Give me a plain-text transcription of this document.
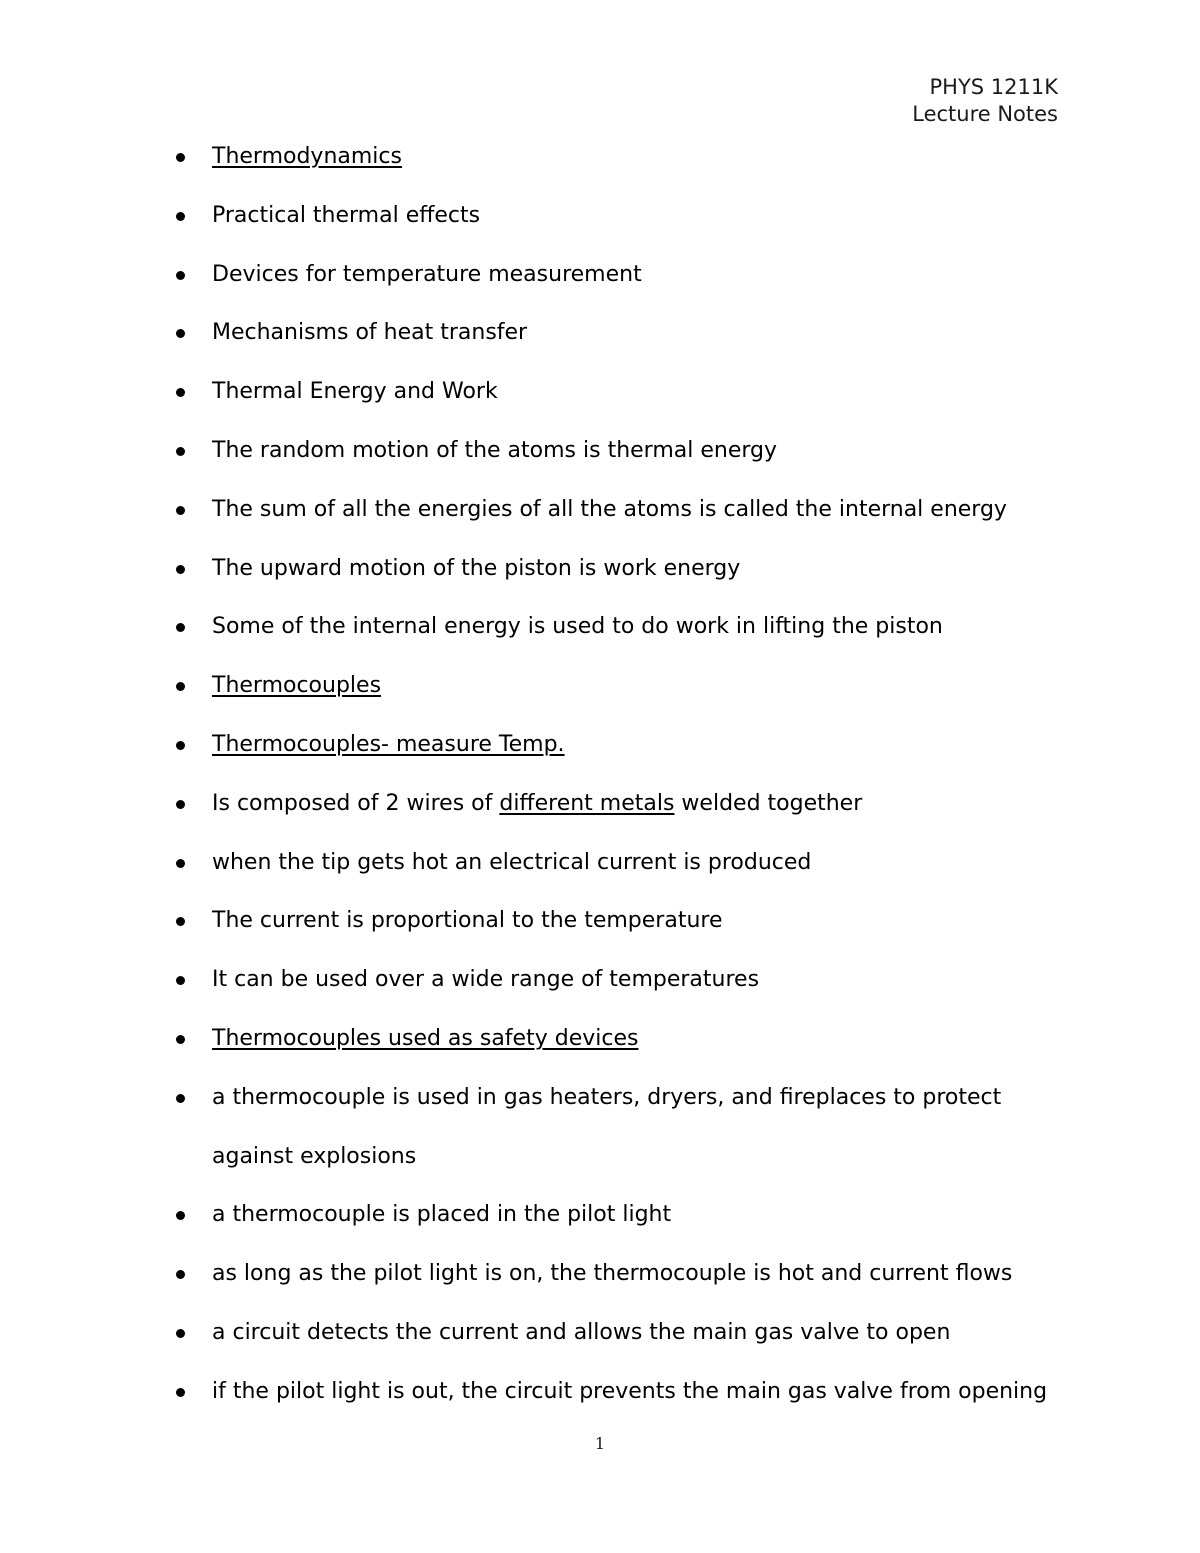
PHYS 1211K
Lecture Notes
Thermodynamics
Practical thermal effects
Devices for temperature measurement
Mechanisms of heat transfer
Thermal Energy and Work
The random motion of the atoms is thermal energy
The sum of all the energies of all the atoms is called the internal energy
The upward motion of the piston is work energy
Some of the internal energy is used to do work in lifting the piston
Thermocouples
Thermocouples- measure Temp.
Is composed of 2 wires of different metals welded together
when the tip gets hot an electrical current is produced
The current is proportional to the temperature
It can be used over a wide range of temperatures
Thermocouples used as safety devices
a thermocouple is used in gas heaters, dryers, and fireplaces to protect
against explosions
a thermocouple is placed in the pilot light
as long as the pilot light is on, the thermocouple is hot and current flows
a circuit detects the current and allows the main gas valve to open
if the pilot light is out, the circuit prevents the main gas valve from opening
1
